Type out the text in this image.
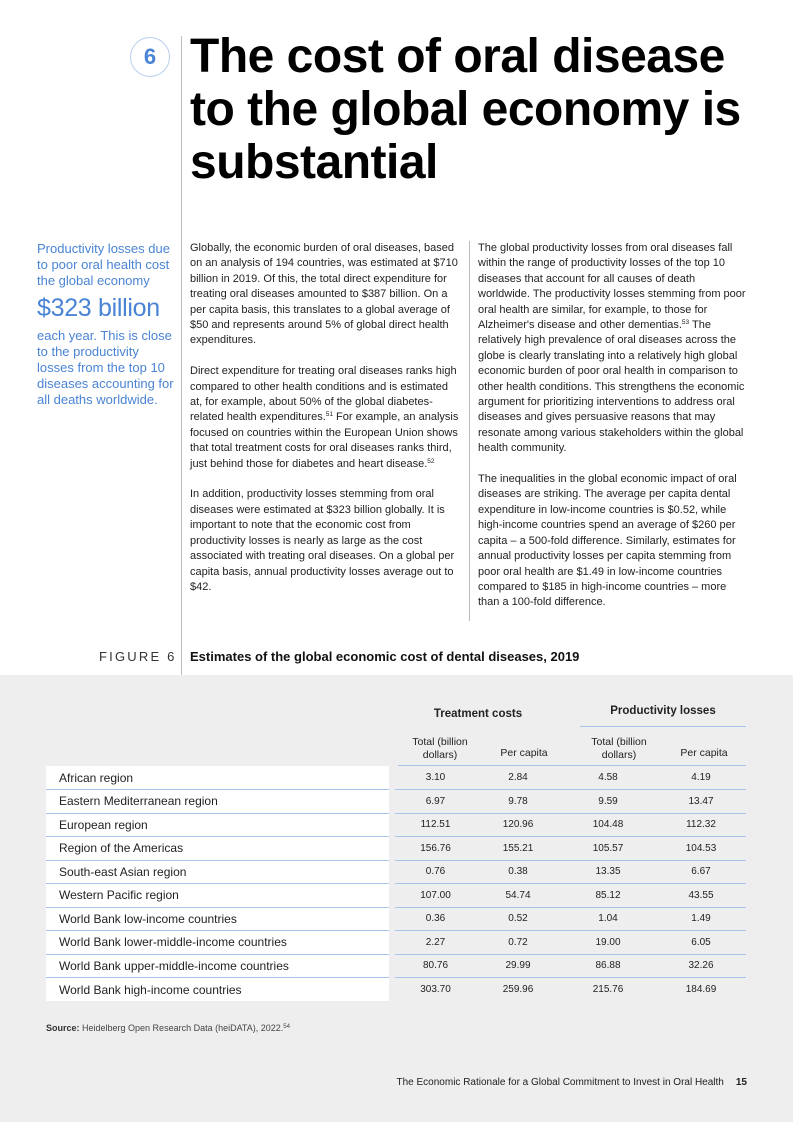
6 The cost of oral disease to the global economy is substantial
Productivity losses due to poor oral health cost the global economy
$323 billion
each year. This is close to the productivity losses from the top 10 diseases accounting for all deaths worldwide.

Globally, the economic burden of oral diseases, based on an analysis of 194 countries, was estimated at $710 billion in 2019. Of this, the total direct expenditure for treating oral diseases amounted to $387 billion. On a per capita basis, this translates to a global average of $50 and represents around 5% of global direct health expenditures.

Direct expenditure for treating oral diseases ranks high compared to other health conditions and is estimated at, for example, about 50% of the global diabetes-related health expenditures.$^{51}$ For example, an analysis focused on countries within the European Union shows that total treatment costs for oral diseases ranks third, just behind those for diabetes and heart disease.$^{52}$

In addition, productivity losses stemming from oral diseases were estimated at $323 billion globally. It is important to note that the economic cost from productivity losses is nearly as large as the cost associated with treating oral diseases. On a global per capita basis, annual productivity losses average out to $42.

The global productivity losses from oral diseases fall within the range of productivity losses of the top 10 diseases that account for all causes of death worldwide. The productivity losses stemming from poor oral health are similar, for example, to those for Alzheimer's disease and other dementias.$^{53}$ The relatively high prevalence of oral diseases across the globe is clearly translating into a relatively high global economic burden of poor oral health in comparison to other health conditions. This strengthens the economic argument for prioritizing interventions to address oral diseases and gives persuasive reasons that may resonate among various stakeholders within the global health community.

The inequalities in the global economic impact of oral diseases are striking. The average per capita dental expenditure in low-income countries is $0.52, while high-income countries spend an average of $260 per capita – a 500-fold difference. Similarly, estimates for annual productivity losses per capita stemming from poor oral health are $1.49 in low-income countries compared to $185 in high-income countries – more than a 100-fold difference.

FIGURE 6 Estimates of the global economic cost of dental diseases, 2019
Treatment costs	Productivity losses
Total (billion dollars)	Per capita
Total (billion dollars)	Per capita
African region	3.10	2.84	4.58	4.19
Eastern Mediterranean region	6.97	9.78	9.59	13.47
European region	112.51	120.96	104.48	112.32
Region of the Americas	156.76	155.21	105.57	104.53
South-east Asian region	0.76	0.38	13.35	6.67
Western Pacific region	107.00	54.74	85.12	43.55
World Bank low-income countries	0.36	0.52	1.04	1.49
World Bank lower-middle-income countries	2.27	0.72	19.00	6.05
World Bank upper-middle-income countries	80.76	29.99	86.88	32.26
World Bank high-income countries	303.70	259.96	215.76	184.69
Source: Heidelberg Open Research Data (heiDATA), 2022.54
The Economic Rationale for a Global Commitment to Invest in Oral Health 15
